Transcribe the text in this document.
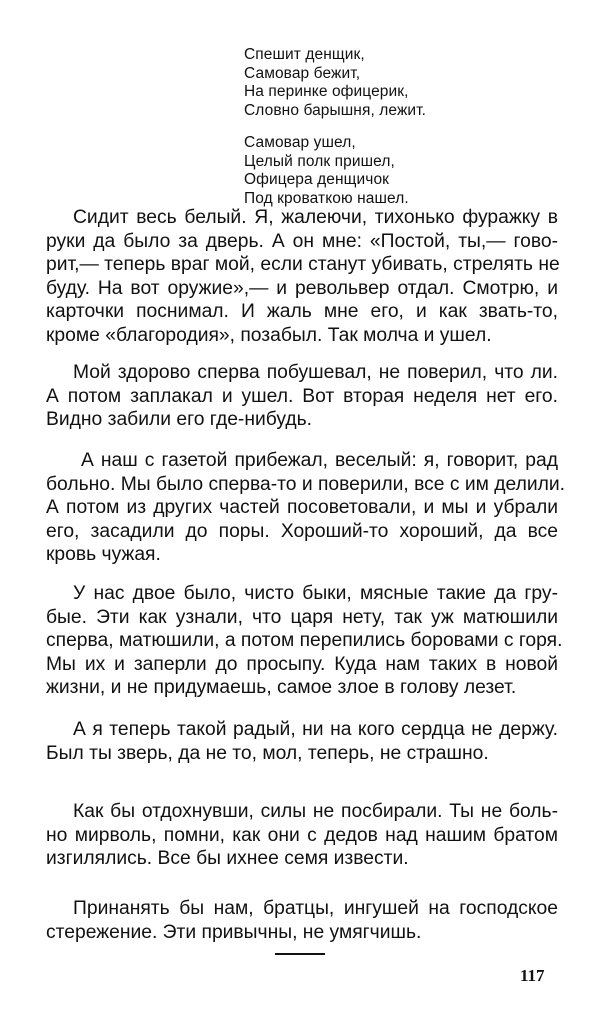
Спешит денщик,
Самовар бежит,
На перинке офицерик,
Словно барышня, лежит.
Самовар ушел,
Целый полк пришел,
Офицера денщичок
Под кроваткою нашел.
Сидит весь белый. Я, жалеючи, тихонько фуражку в
руки да было за дверь. А он мне: «Постой, ты,— гово-
рит,— теперь враг мой, если станут убивать, стрелять не
буду. На вот оружие»,— и револьвер отдал. Смотрю, и
карточки поснимал. И жаль мне его, и как звать-то,
кроме «благородия», позабыл. Так молча и ушел.
Мой здорово сперва побушевал, не поверил, что ли.
А потом заплакал и ушел. Вот вторая неделя нет его.
Видно забили его где-нибудь.
А наш с газетой прибежал, веселый: я, говорит, рад
больно. Мы было сперва-то и поверили, все с им делили.
А потом из других частей посоветовали, и мы и убрали
его, засадили до поры. Хороший-то хороший, да все
кровь чужая.
У нас двое было, чисто быки, мясные такие да гру-
бые. Эти как узнали, что царя нету, так уж матюшили
сперва, матюшили, а потом перепились боровами с горя.
Мы их и заперли до просыпу. Куда нам таких в новой
жизни, и не придумаешь, самое злое в голову лезет.
А я теперь такой радый, ни на кого сердца не держу.
Был ты зверь, да не то, мол, теперь, не страшно.
Как бы отдохнувши, силы не посбирали. Ты не боль-
но мирволь, помни, как они с дедов над нашим братом
изгилялись. Все бы ихнее семя извести.
Принанять бы нам, братцы, ингушей на господское
стережение. Эти привычны, не умягчишь.
117
